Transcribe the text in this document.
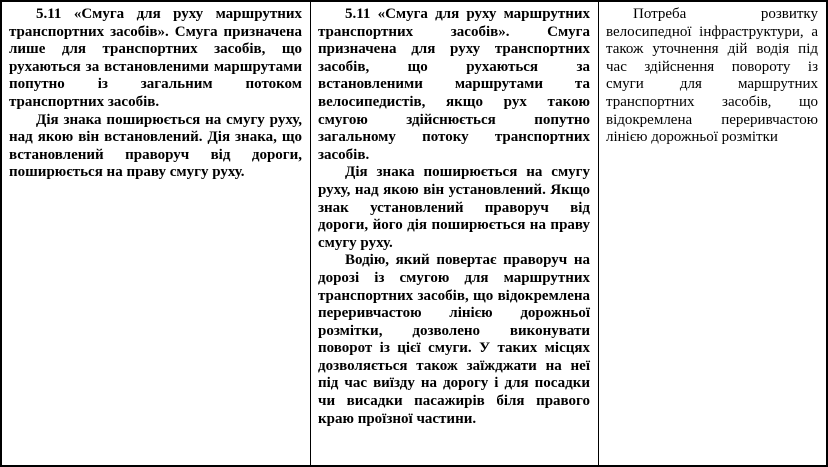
5.11 «Смуга для руху маршрутних транспортних засобів». Смуга призначена лише для транспортних засобів, що рухаються за встановленими маршрутами попутно із загальним потоком транспортних засобів.

Дія знака поширюється на смугу руху, над якою він встановлений. Дія знака, що встановлений праворуч від дороги, поширюється на праву смугу руху.

5.11 «Смуга для руху маршрутних транспортних засобів». Смуга призначена для руху транспортних засобів, що рухаються за встановленими маршрутами та велосипедистів, якщо рух такою смугою здійснюється попутно загальному потоку транспортних засобів.

Дія знака поширюється на смугу руху, над якою він установлений. Якщо знак установлений праворуч від дороги, його дія поширюється на праву смугу руху.

Водію, який повертає праворуч на дорозі із смугою для маршрутних транспортних засобів, що відокремлена переривчастою лінією дорожньої розмітки, дозволено виконувати поворот із цієї смуги. У таких місцях дозволяється також заїжджати на неї під час виїзду на дорогу і для посадки чи висадки пасажирів біля правого краю проїзної частини.

Потреба розвитку велосипедної інфраструктури, а також уточнення дій водія під час здійснення повороту із смуги для маршрутних транспортних засобів, що відокремлена переривчастою лінією дорожньої розмітки
